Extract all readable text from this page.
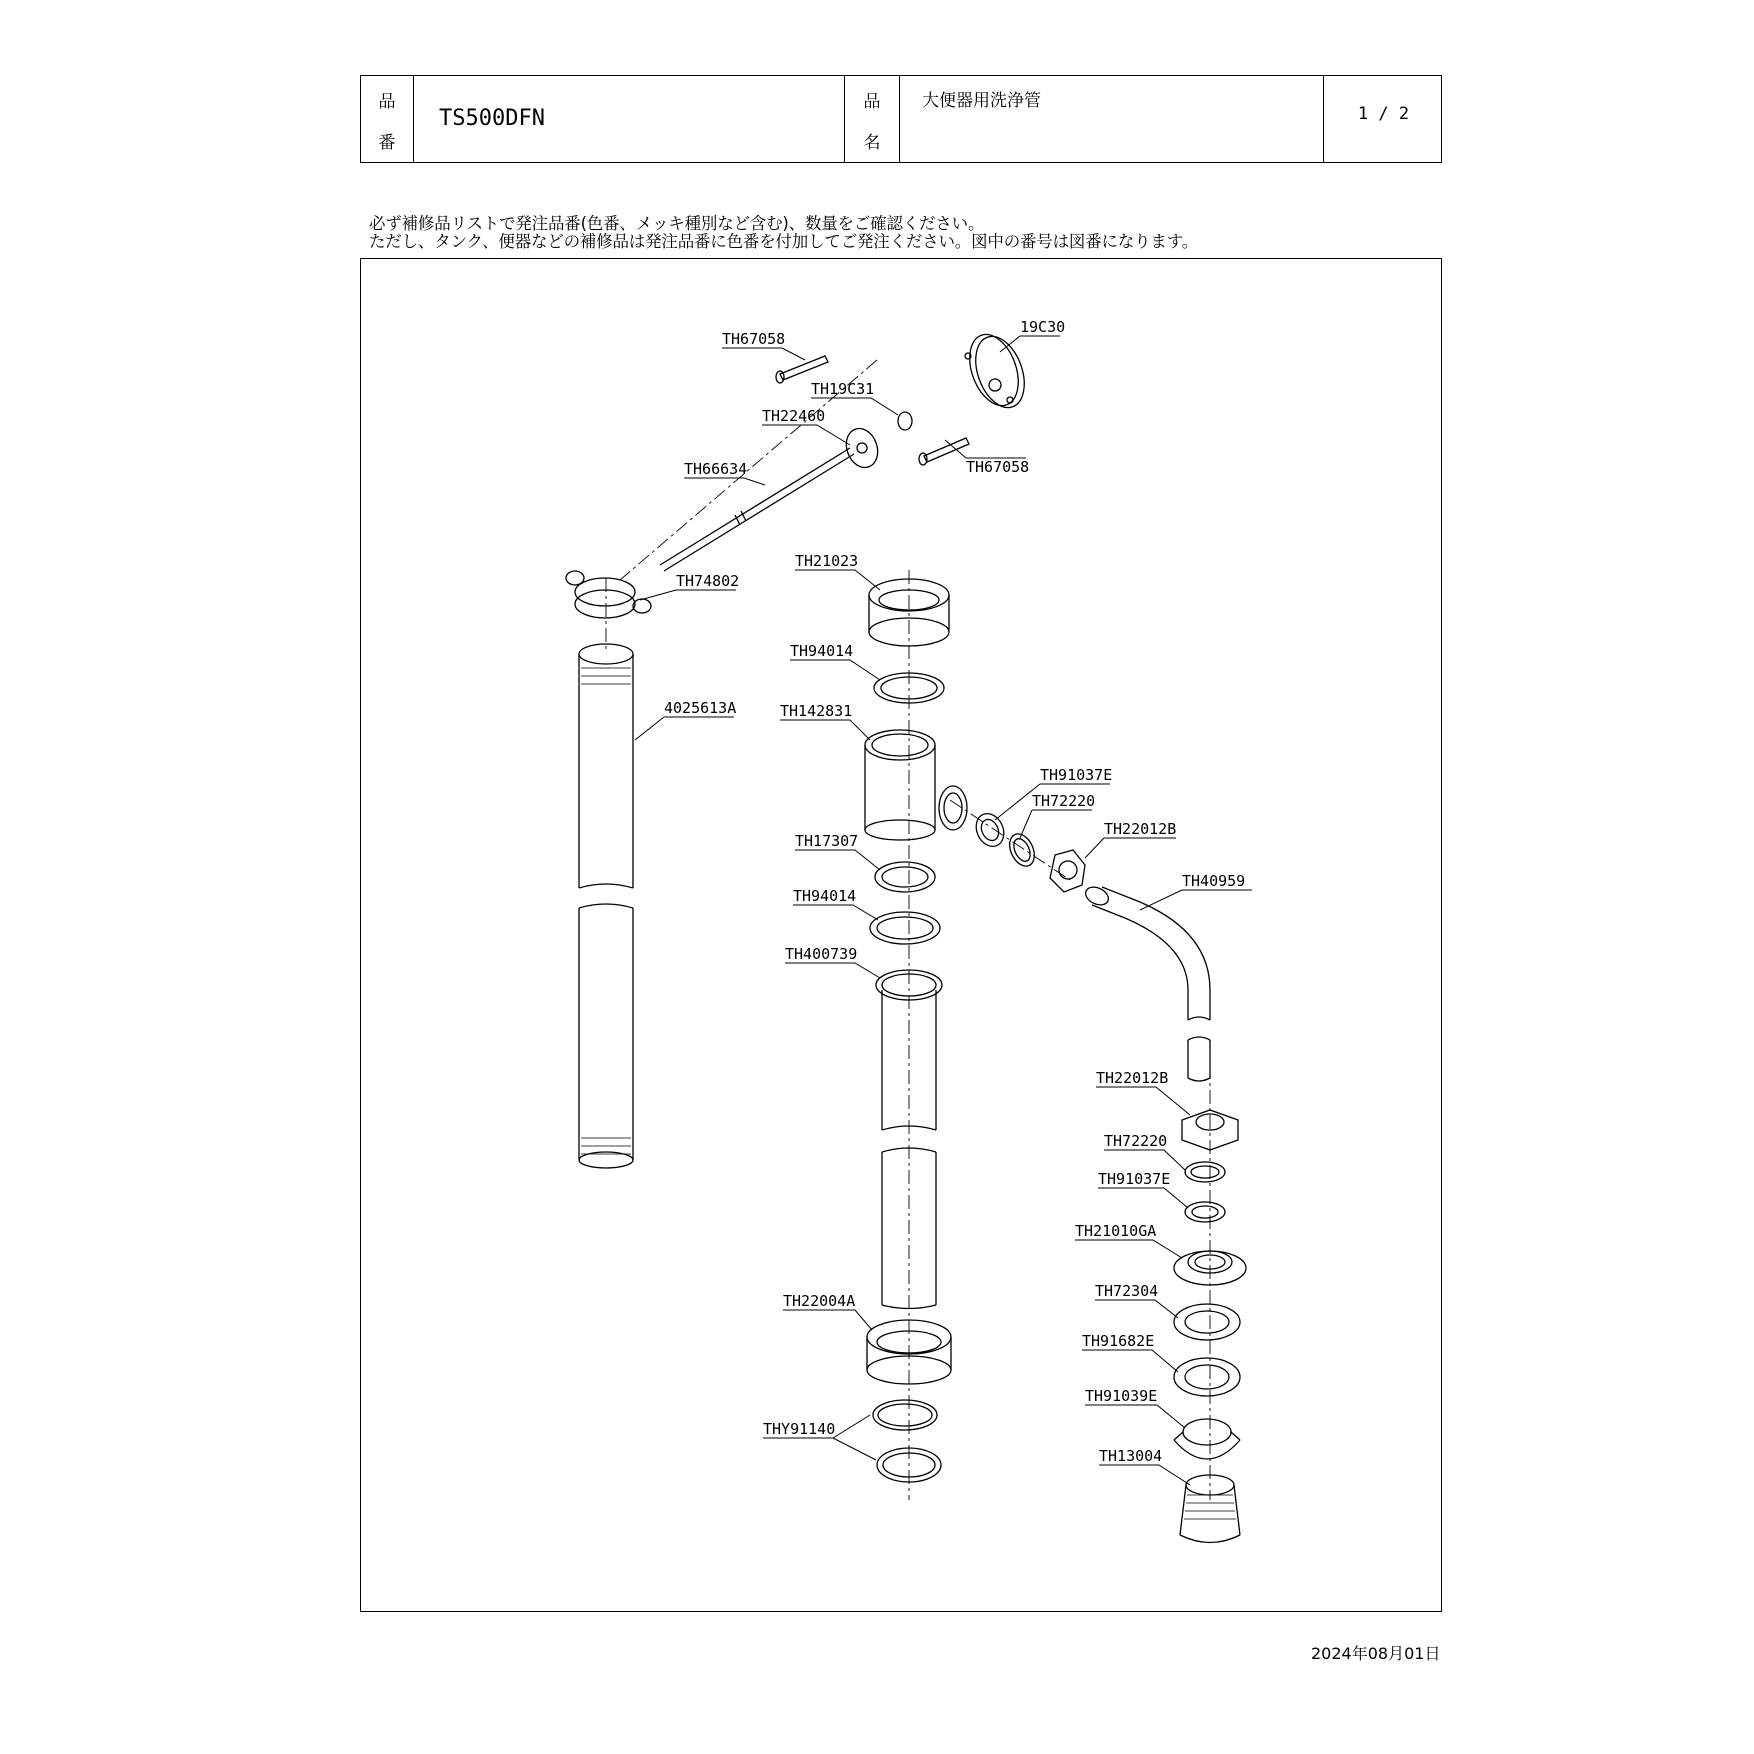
品
番
TS500DFN
品
名
大便器用洗浄管
1 / 2
必ず補修品リストで発注品番(色番、メッキ種別など含む)、数量をご確認ください。
ただし、タンク、便器などの補修品は発注品番に色番を付加してご発注ください。図中の番号は図番になります。
TH67058
19C30
TH19C31
TH22460
TH67058
TH66634
TH74802
4025613A
TH21023
TH94014
TH142831
TH91037E
TH72220
TH22012B
TH40959
TH17307
TH94014
TH400739
TH22012B
TH72220
TH91037E
TH21010GA
TH72304
TH91682E
TH91039E
TH13004
TH22004A
THY91140
2024年08月01日
